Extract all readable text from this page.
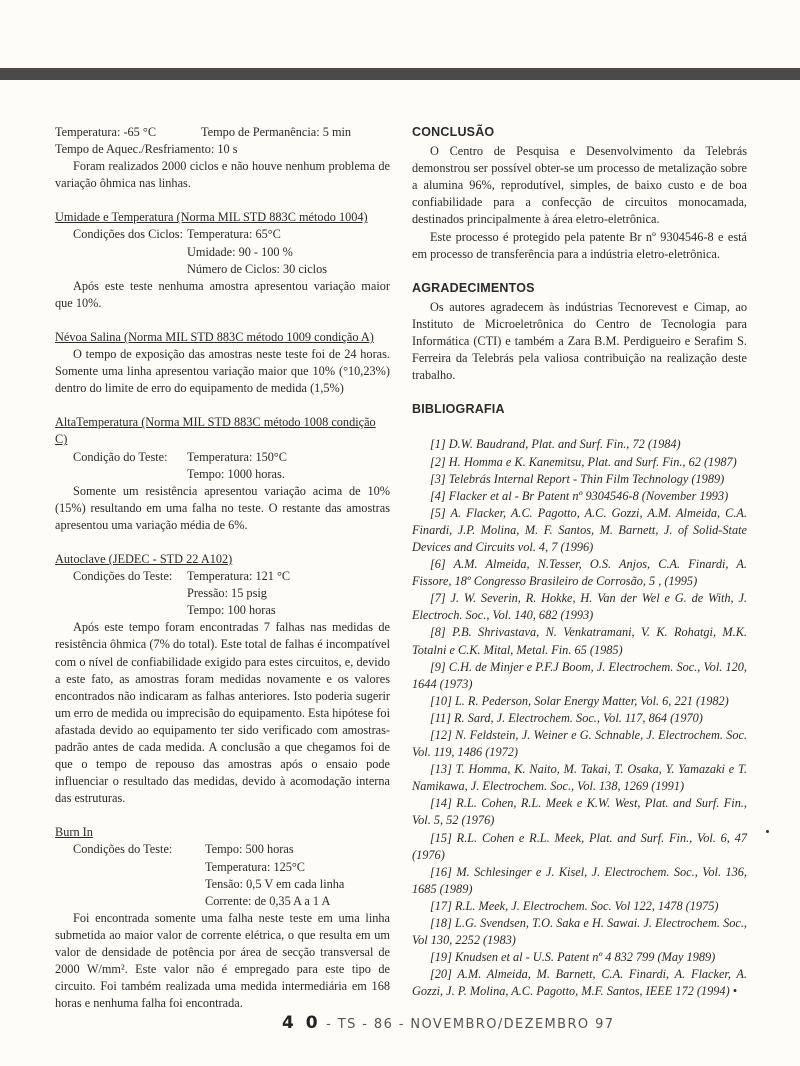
Temperatura: -65 °C	Tempo de Permanência: 5 min
Tempo de Aquec./Resfriamento: 10 s

Foram realizados 2000 ciclos e não houve nenhum problema de variação ôhmica nas linhas.

Umidade e Temperatura (Norma MIL STD 883C método 1004)
Condições dos Ciclos: Temperatura: 65°C
Umidade: 90 - 100 %
Número de Ciclos: 30 ciclos

Após este teste nenhuma amostra apresentou variação maior que 10%.

Névoa Salina (Norma MIL STD 883C método 1009 condição A)

O tempo de exposição das amostras neste teste foi de 24 horas. Somente uma linha apresentou variação maior que 10% (°10,23%) dentro do limite de erro do equipamento de medida (1,5%)

AltaTemperatura (Norma MIL STD 883C método 1008 condição C)
Condição do Teste:	Temperatura: 150°C
Tempo: 1000 horas.

Somente um resistência apresentou variação acima de 10% (15%) resultando em uma falha no teste. O restante das amostras apresentou uma variação média de 6%.

Autoclave (JEDEC - STD 22 A102)
Condições do Teste:	Temperatura: 121 °C
Pressão: 15 psig
Tempo: 100 horas

Após este tempo foram encontradas 7 falhas nas medidas de resistência ôhmica (7% do total). Este total de falhas é incompatível com o nível de confiabilidade exigido para estes circuitos, e, devido a este fato, as amostras foram medidas novamente e os valores encontrados não indicaram as falhas anteriores. Isto poderia sugerir um erro de medida ou imprecisão do equipamento. Esta hipótese foi afastada devido ao equipamento ter sido verificado com amostras-padrão antes de cada medida. A conclusão a que chegamos foi de que o tempo de repouso das amostras após o ensaio pode influenciar o resultado das medidas, devido à acomodação interna das estruturas.

Burn In
Condições do Teste:	Tempo: 500 horas
Temperatura: 125°C
Tensão: 0,5 V em cada linha
Corrente: de 0,35 A a 1 A

Foi encontrada somente uma falha neste teste em uma linha submetida ao maior valor de corrente elétrica, o que resulta em um valor de densidade de potência por área de secção transversal de 2000 W/mm². Este valor não é empregado para este tipo de circuito. Foi também realizada uma medida intermediária em 168 horas e nenhuma falha foi encontrada.

CONCLUSÃO

O Centro de Pesquisa e Desenvolvimento da Telebrás demonstrou ser possível obter-se um processo de metalização sobre a alumina 96%, reprodutível, simples, de baixo custo e de boa confiabilidade para a confecção de circuitos monocamada, destinados principalmente à área eletro-eletrônica.

Este processo é protegido pela patente Br nº 9304546-8 e está em processo de transferência para a indústria eletro-eletrônica.

AGRADECIMENTOS

Os autores agradecem às indústrias Tecnorevest e Cimap, ao Instituto de Microeletrônica do Centro de Tecnologia para Informática (CTI) e também a Zara B.M. Perdigueiro e Serafim S. Ferreira da Telebrás pela valiosa contribuição na realização deste trabalho.

BIBLIOGRAFIA

[1] D.W. Baudrand, Plat. and Surf. Fin., 72 (1984)

[2] H. Homma e K. Kanemitsu, Plat. and Surf. Fin., 62 (1987)

[3] Telebrás Internal Report - Thin Film Technology (1989)

[4] Flacker et al - Br Patent nº 9304546-8 (November 1993)

[5] A. Flacker, A.C. Pagotto, A.C. Gozzi, A.M. Almeida, C.A. Finardi, J.P. Molina, M. F. Santos, M. Barnett, J. of Solid-State Devices and Circuits vol. 4, 7 (1996)

[6] A.M. Almeida, N.Tesser, O.S. Anjos, C.A. Finardi, A. Fissore, 18º Congresso Brasileiro de Corrosão, 5 , (1995)

[7] J. W. Severin, R. Hokke, H. Van der Wel e G. de With, J. Electroch. Soc., Vol. 140, 682 (1993)

[8] P.B. Shrivastava, N. Venkatramani, V. K. Rohatgi, M.K. Totalni e C.K. Mital, Metal. Fin. 65 (1985)

[9] C.H. de Minjer e P.F.J Boom, J. Electrochem. Soc., Vol. 120, 1644 (1973)

[10] L. R. Pederson, Solar Energy Matter, Vol. 6, 221 (1982)

[11] R. Sard, J. Electrochem. Soc., Vol. 117, 864 (1970)

[12] N. Feldstein, J. Weiner e G. Schnable, J. Electrochem. Soc. Vol. 119, 1486 (1972)

[13] T. Homma, K. Naito, M. Takai, T. Osaka, Y. Yamazaki e T. Namikawa, J. Electrochem. Soc., Vol. 138, 1269 (1991)

[14] R.L. Cohen, R.L. Meek e K.W. West, Plat. and Surf. Fin., Vol. 5, 52 (1976)

[15] R.L. Cohen e R.L. Meek, Plat. and Surf. Fin., Vol. 6, 47 (1976)

[16] M. Schlesinger e J. Kisel, J. Electrochem. Soc., Vol. 136, 1685 (1989)

[17] R.L. Meek, J. Electrochem. Soc. Vol 122, 1478 (1975)

[18] L.G. Svendsen, T.O. Saka e H. Sawai. J. Electrochem. Soc., Vol 130, 2252 (1983)

[19] Knudsen et al - U.S. Patent nº 4 832 799 (May 1989)

[20] A.M. Almeida, M. Barnett, C.A. Finardi, A. Flacker, A. Gozzi, J. P. Molina, A.C. Pagotto, M.F. Santos, IEEE 172 (1994) •

4 0 - TS - 86 - NOVEMBRO/DEZEMBRO 97
